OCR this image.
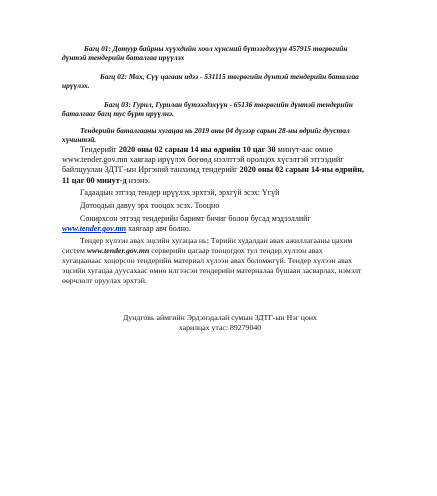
Багц 01: Дотуур байрны хүүхдийн хоол хүнсний бүтээгдэхүүн 457915 төгрөгийн

дүнтэй тендерийн баталгаа ирүүлэх

Багц 02: Мах, Сүү цагаан идээ - 531115 төгрөгийн дүнтэй тендерийн баталгаа

ирүүлэх.

Багц 03: Гурил, Гурилан бүтээгдэхүүн - 65136 төгрөгийн дүнтэй тендерийн

баталгааг багц тус бүрт ирүүлнэ.

Тендерийн баталгааны хугацаа нь 2019 оны 04 дүгээр сарын 28-ны өдрийг дуустал

хүчинтэй.

Тендерийг 2020 оны 02 сарын 14 ны өдрийн 10 цаг 30 минут-аас өмнө

www.tender.gov.mn хаягаар ирүүлэх бөгөөд нээлттэй оролцох хүсэлтэй этгээдийг

байлцуулан ЗДТГ-ын Иргэний танхимд тендерийг 2020 оны 02 сарын 14-ны өдрийн,

11 цаг 00 минут-д нээнэ.

Гадаадын этгээд тендер ирүүлэх эрхтэй, эрхгүй эсэх: Үгүй

Дотоодын давуу эрх тооцох эсэх. Тооцно

Сонирхсон этгээд тендерийн баримт бичиг болон бусад мэдээллийг

www.tender.gov.mn хаягаар авч болно.

Тендер хүлээн авах эцсийн хугацаа нь: Төрийн худалдан авах ажиллагааны цахим

систем www.tender.gov.mn серверийн цагаар тооцогдох тул тендер хүлээн авах

хугацаанаас хоцорсон тендерийн материал хүлээн авах боломжгүй. Тендер хүлээн авах

эцсийн хугацаа дуусахаас өмнө илгээсэн тендерийн материалаа бүшаан засварлах, нэмэлт

өөрчлөлт оруулах эрхтэй.

Дундговь аймгийн Эрдэнэдалай сумын ЗДТГ-ын Нэг цонх

харилцах утас: 89279040
